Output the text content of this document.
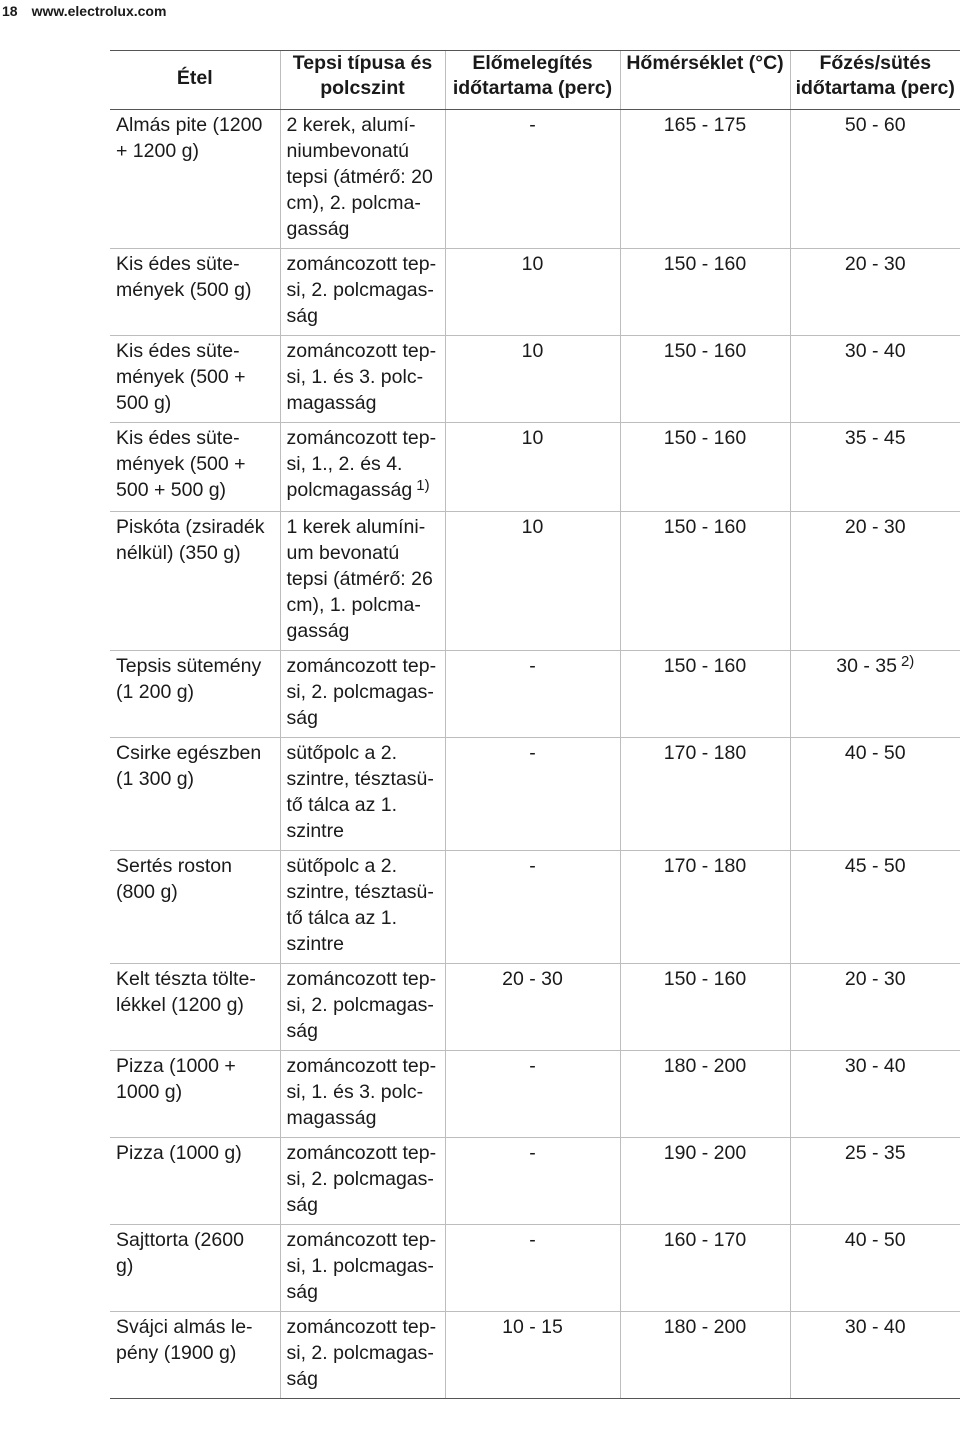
18 www.electrolux.com
Étel	Tepsi típusa és polcszint	Előmelegítés időtartama (perc)	Hőmérséklet (°C)	Főzés/sütés időtartama (perc)
Almás pite (1200
+ 1200 g)	2 kerek, alumí-
niumbevonatú
tepsi (átmérő: 20
cm), 2. polcma-
gasság	-	165 - 175	50 - 60
Kis édes süte-
mények (500 g)	zománcozott tep-
si, 2. polcmagas-
ság	10	150 - 160	20 - 30
Kis édes süte-
mények (500 +
500 g)	zománcozott tep-
si, 1. és 3. polc-
magasság	10	150 - 160	30 - 40
Kis édes süte-
mények (500 +
500 + 500 g)	zománcozott tep-
si, 1., 2. és 4.
polcmagasság $^{1)}$	10	150 - 160	35 - 45
Piskóta (zsiradék
nélkül) (350 g)	1 kerek alumíni-
um bevonatú
tepsi (átmérő: 26
cm), 1. polcma-
gasság	10	150 - 160	20 - 30
Tepsis sütemény
(1 200 g)	zománcozott tep-
si, 2. polcmagas-
ság	-	150 - 160	30 - 35 $^{2)}$
Csirke egészben
(1 300 g)	sütőpolc a 2.
szintre, tésztasü-
tő tálca az 1.
szintre	-	170 - 180	40 - 50
Sertés roston
(800 g)	sütőpolc a 2.
szintre, tésztasü-
tő tálca az 1.
szintre	-	170 - 180	45 - 50
Kelt tészta tölte-
lékkel (1200 g)	zománcozott tep-
si, 2. polcmagas-
ság	20 - 30	150 - 160	20 - 30
Pizza (1000 +
1000 g)	zománcozott tep-
si, 1. és 3. polc-
magasság	-	180 - 200	30 - 40
Pizza (1000 g)	zománcozott tep-
si, 2. polcmagas-
ság	-	190 - 200	25 - 35
Sajttorta (2600
g)	zománcozott tep-
si, 1. polcmagas-
ság	-	160 - 170	40 - 50
Svájci almás le-
pény (1900 g)	zománcozott tep-
si, 2. polcmagas-
ság	10 - 15	180 - 200	30 - 40
